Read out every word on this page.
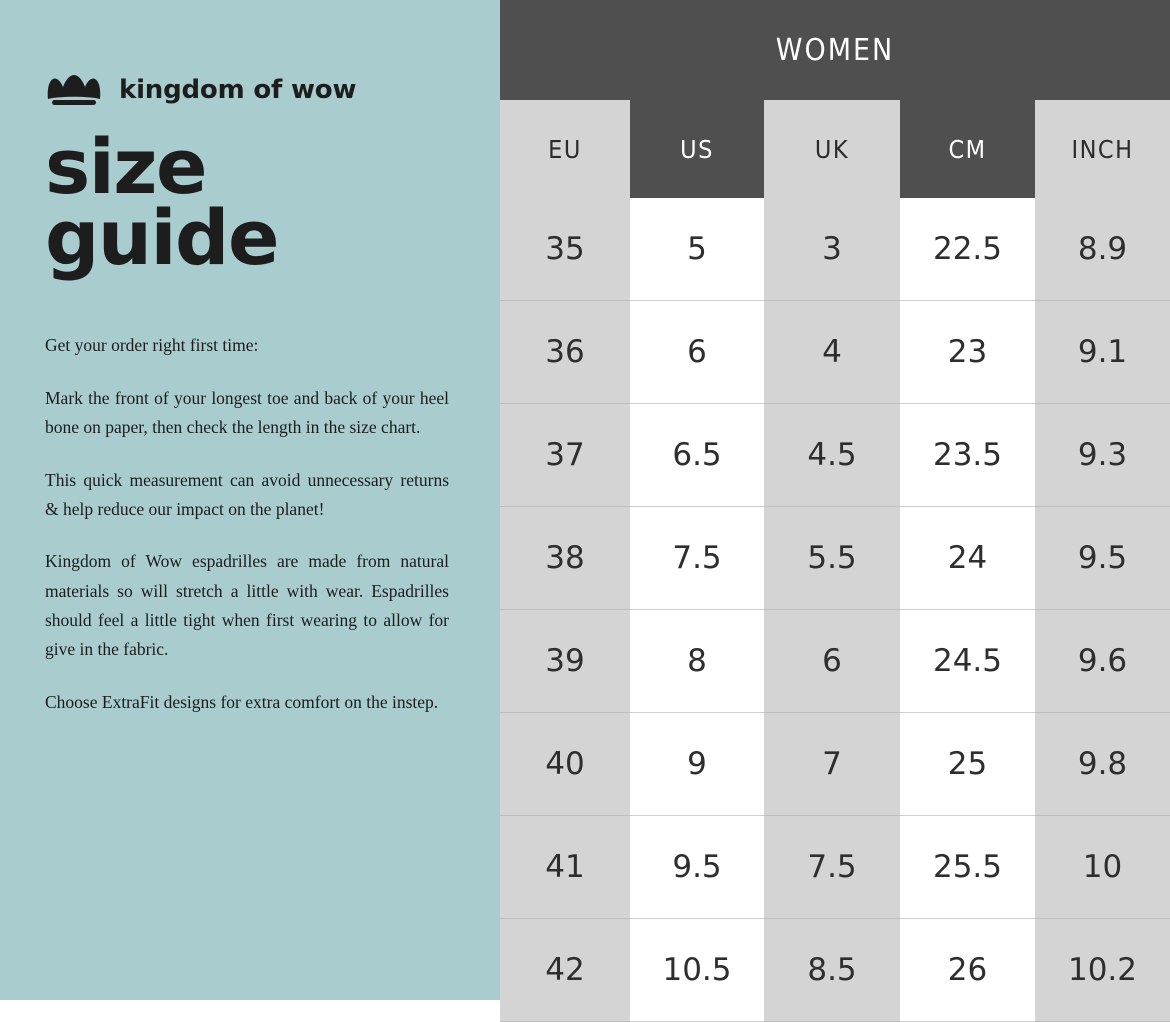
kingdom of wow
size
guide

Get your order right first time:

Mark the front of your longest toe and back of your heel bone on paper, then check the length in the size chart.

This quick measurement can avoid unnecessary returns & help reduce our impact on the planet!

Kingdom of Wow espadrilles are made from natural materials so will stretch a little with wear. Espadrilles should feel a little tight when first wearing to allow for give in the fabric.

Choose ExtraFit designs for extra comfort on the instep.

WOMEN
EU	US	UK	CM	INCH
35	5	3	22.5	8.9
36	6	4	23	9.1
37	6.5	4.5	23.5	9.3
38	7.5	5.5	24	9.5
39	8	6	24.5	9.6
40	9	7	25	9.8
41	9.5	7.5	25.5	10
42	10.5	8.5	26	10.2
